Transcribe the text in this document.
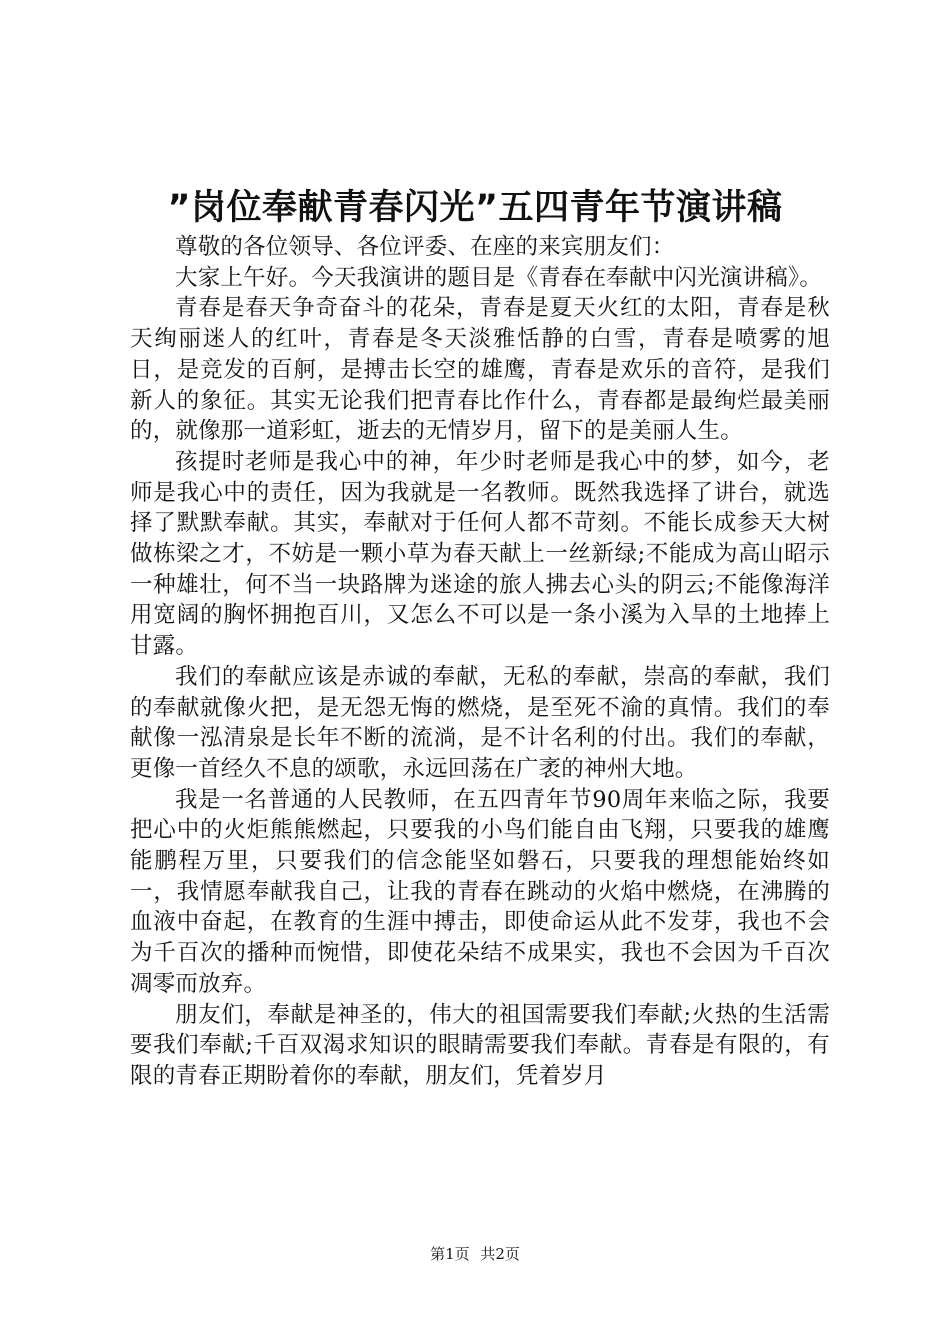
”岗位奉献青春闪光”五四青年节演讲稿

尊敬的各位领导、各位评委、在座的来宾朋友们：

大家上午好。今天我演讲的题目是《青春在奉献中闪光演讲稿》。

青春是春天争奇奋斗的花朵，青春是夏天火红的太阳，青春是秋天绚丽迷人的红叶，青春是冬天淡雅恬静的白雪，青春是喷雾的旭日，是竞发的百舸，是搏击长空的雄鹰，青春是欢乐的音符，是我们新人的象征。其实无论我们把青春比作什么，青春都是最绚烂最美丽的，就像那一道彩虹，逝去的无情岁月，留下的是美丽人生。

孩提时老师是我心中的神，年少时老师是我心中的梦，如今，老师是我心中的责任，因为我就是一名教师。既然我选择了讲台，就选择了默默奉献。其实，奉献对于任何人都不苛刻。不能长成参天大树做栋梁之才，不妨是一颗小草为春天献上一丝新绿;不能成为高山昭示一种雄壮，何不当一块路牌为迷途的旅人拂去心头的阴云;不能像海洋用宽阔的胸怀拥抱百川，又怎么不可以是一条小溪为入旱的土地捧上甘露。

我们的奉献应该是赤诚的奉献，无私的奉献，崇高的奉献，我们的奉献就像火把，是无怨无悔的燃烧，是至死不渝的真情。我们的奉献像一泓清泉是长年不断的流淌，是不计名利的付出。我们的奉献，更像一首经久不息的颂歌，永远回荡在广袤的神州大地。

我是一名普通的人民教师，在五四青年节90周年来临之际，我要把心中的火炬熊熊燃起，只要我的小鸟们能自由飞翔，只要我的雄鹰能鹏程万里，只要我们的信念能坚如磐石，只要我的理想能始终如一，我情愿奉献我自己，让我的青春在跳动的火焰中燃烧，在沸腾的血液中奋起，在教育的生涯中搏击，即使命运从此不发芽，我也不会为千百次的播种而惋惜，即使花朵结不成果实，我也不会因为千百次凋零而放弃。

朋友们，奉献是神圣的，伟大的祖国需要我们奉献;火热的生活需要我们奉献;千百双渴求知识的眼睛需要我们奉献。青春是有限的，有限的青春正期盼着你的奉献，朋友们，凭着岁月

第1页 共2页
